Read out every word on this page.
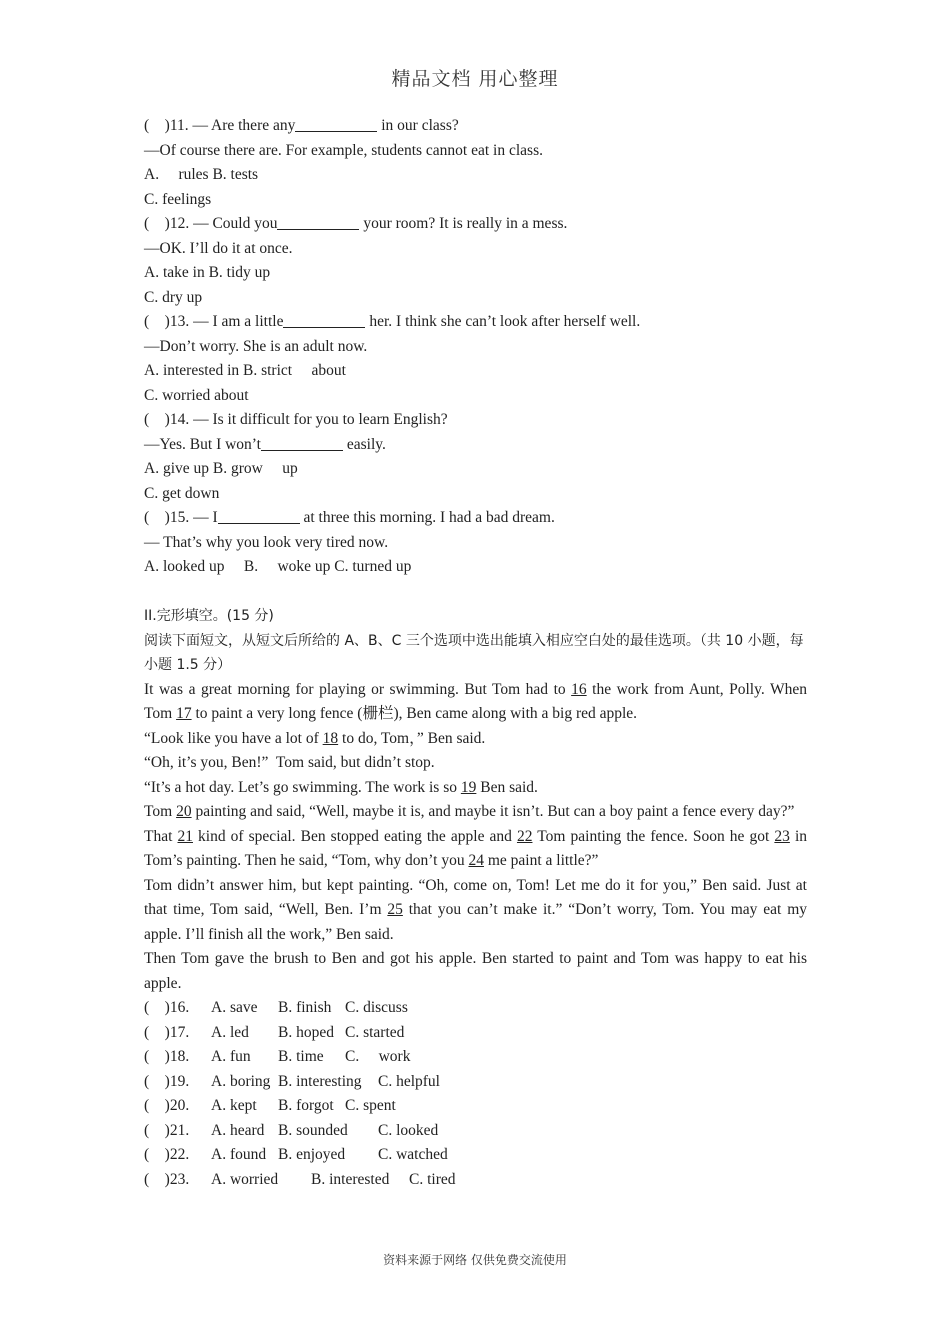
精品文档 用心整理
(    )11. — Are there any	in our class?
—Of course there are. For example, students cannot eat in class.
A.     rules B. tests
C. feelings
(    )12. — Could you	your room? It is really in a mess.
—OK. I’ll do it at once.
A. take in B. tidy up
C. dry up
(    )13. — I am a little	her. I think she can’t look after herself well.
—Don’t worry. She is an adult now.
A. interested in B. strict     about
C. worried about
(    )14. — Is it difficult for you to learn English?
—Yes. But I won’t	easily.
A. give up B. grow     up
C. get down
(    )15. — I	at three this morning. I had a bad dream.
— That’s why you look very tired now.
A. looked up     B.     woke up C. turned up
II.完形填空。(15 分)
阅读下面短文，从短文后所给的 A、B、C 三个选项中选出能填入相应空白处的最佳选项。（共 10 小题，每小题 1.5 分）
It was a great morning for playing or swimming. But Tom had to 16 the work from Aunt, Polly. When Tom 17 to paint a very long fence (栅栏), Ben came along with a big red apple.
“Look like you have a lot of 18 to do, Tom，” Ben said.
“Oh, it’s you, Ben!”  Tom said, but didn’t stop.
“It’s a hot day. Let’s go swimming. The work is so 19 Ben said.
Tom 20 painting and said, “Well, maybe it is, and maybe it isn’t. But can a boy paint a fence every day?”
That 21 kind of special. Ben stopped eating the apple and 22 Tom painting the fence. Soon he got 23 in Tom’s painting. Then he said, “Tom, why don’t you 24 me paint a little?”
Tom didn’t answer him, but kept painting. “Oh, come on, Tom! Let me do it for you,” Ben said. Just at that time, Tom said, “Well, Ben. I’m 25 that you can’t make it.” “Don’t worry, Tom. You may eat my apple. I’ll finish all the work,” Ben said.
Then Tom gave the brush to Ben and got his apple. Ben started to paint and Tom was happy to eat his apple.
(    )16.	A. save	B. finish C. discuss
(    )17.	A. led	B. hoped C. started
(    )18.	A. fun	B. time	C.     work
(    )19.	A. boring B. interesting	C. helpful
(    )20.	A. kept	B. forgot C. spent
(    )21.	A. heard B. sounded	C. looked
(    )22.	A. found B. enjoyed	C. watched
(    )23.	A. worried	B. interested	C. tired
资料来源于网络 仅供免费交流使用
